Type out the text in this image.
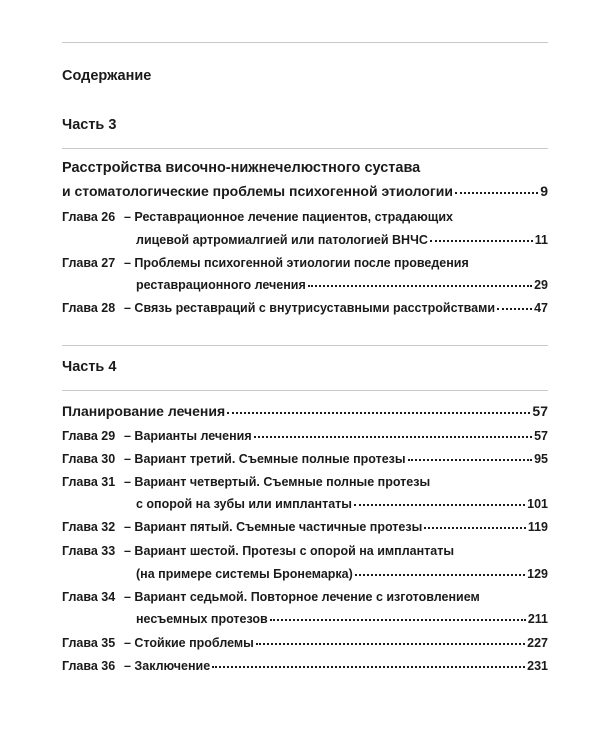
Содержание
Часть 3
Расстройства височно-нижнечелюстного сустава
и стоматологические проблемы психогенной этиологии	9
Глава 26 – Реставрационное лечение пациентов, страдающих
лицевой артромиалгией или патологией ВНЧС	11
Глава 27 – Проблемы психогенной этиологии после проведения
реставрационного лечения	29
Глава 28 – Связь реставраций с внутрисуставными расстройствами	47
Часть 4
Планирование лечения	57
Глава 29 – Варианты лечения	57
Глава 30 – Вариант третий. Съемные полные протезы	95
Глава 31 – Вариант четвертый. Съемные полные протезы
с опорой на зубы или имплантаты	101
Глава 32 – Вариант пятый. Съемные частичные протезы	119
Глава 33 – Вариант шестой. Протезы с опорой на имплантаты
(на примере системы Бронемарка)	129
Глава 34 – Вариант седьмой. Повторное лечение с изготовлением
несъемных протезов	211
Глава 35 – Стойкие проблемы	227
Глава 36 – Заключение	231
